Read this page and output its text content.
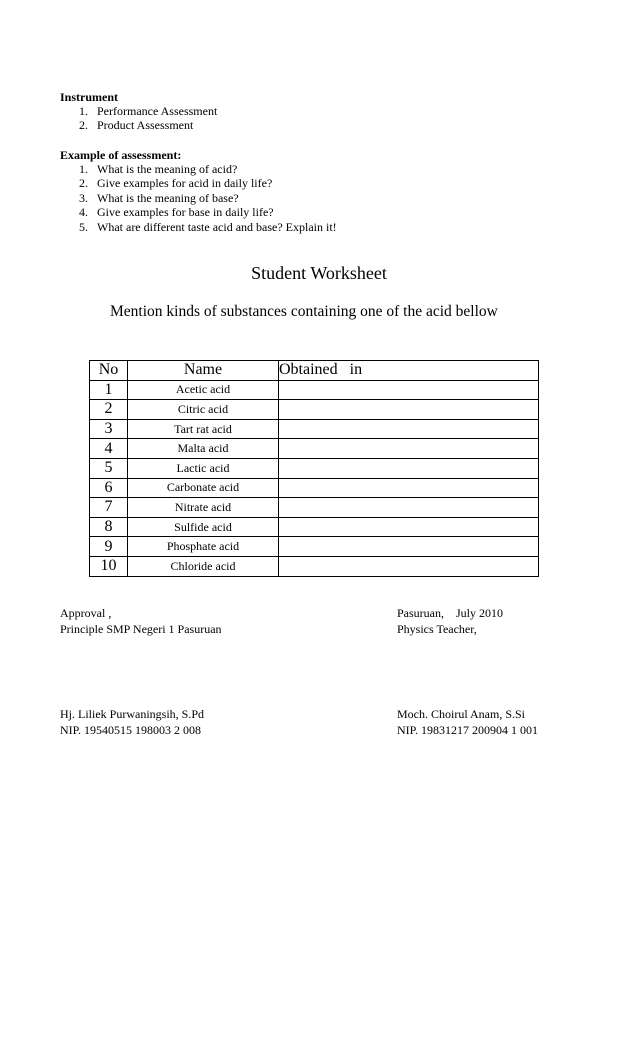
Instrument
1. Performance Assessment
2. Product Assessment
Example of assessment:
1. What is the meaning of acid?
2. Give examples for acid in daily life?
3. What is the meaning of base?
4. Give examples for base in daily life?
5. What are different taste acid and base? Explain it!
Student Worksheet
Mention kinds of substances containing one of the acid bellow
No	Name	Obtained   in
1	Acetic acid	
2	Citric acid	
3	Tart rat acid	
4	Malta acid	
5	Lactic acid	
6	Carbonate acid	
7	Nitrate acid	
8	Sulfide acid	
9	Phosphate acid	
10	Chloride acid	
Approval ,
Principle SMP Negeri 1 Pasuruan
Hj. Liliek Purwaningsih, S.Pd
NIP. 19540515 198003 2 008
Pasuruan,    July 2010
Physics Teacher,
Moch. Choirul Anam, S.Si
NIP. 19831217 200904 1 001
